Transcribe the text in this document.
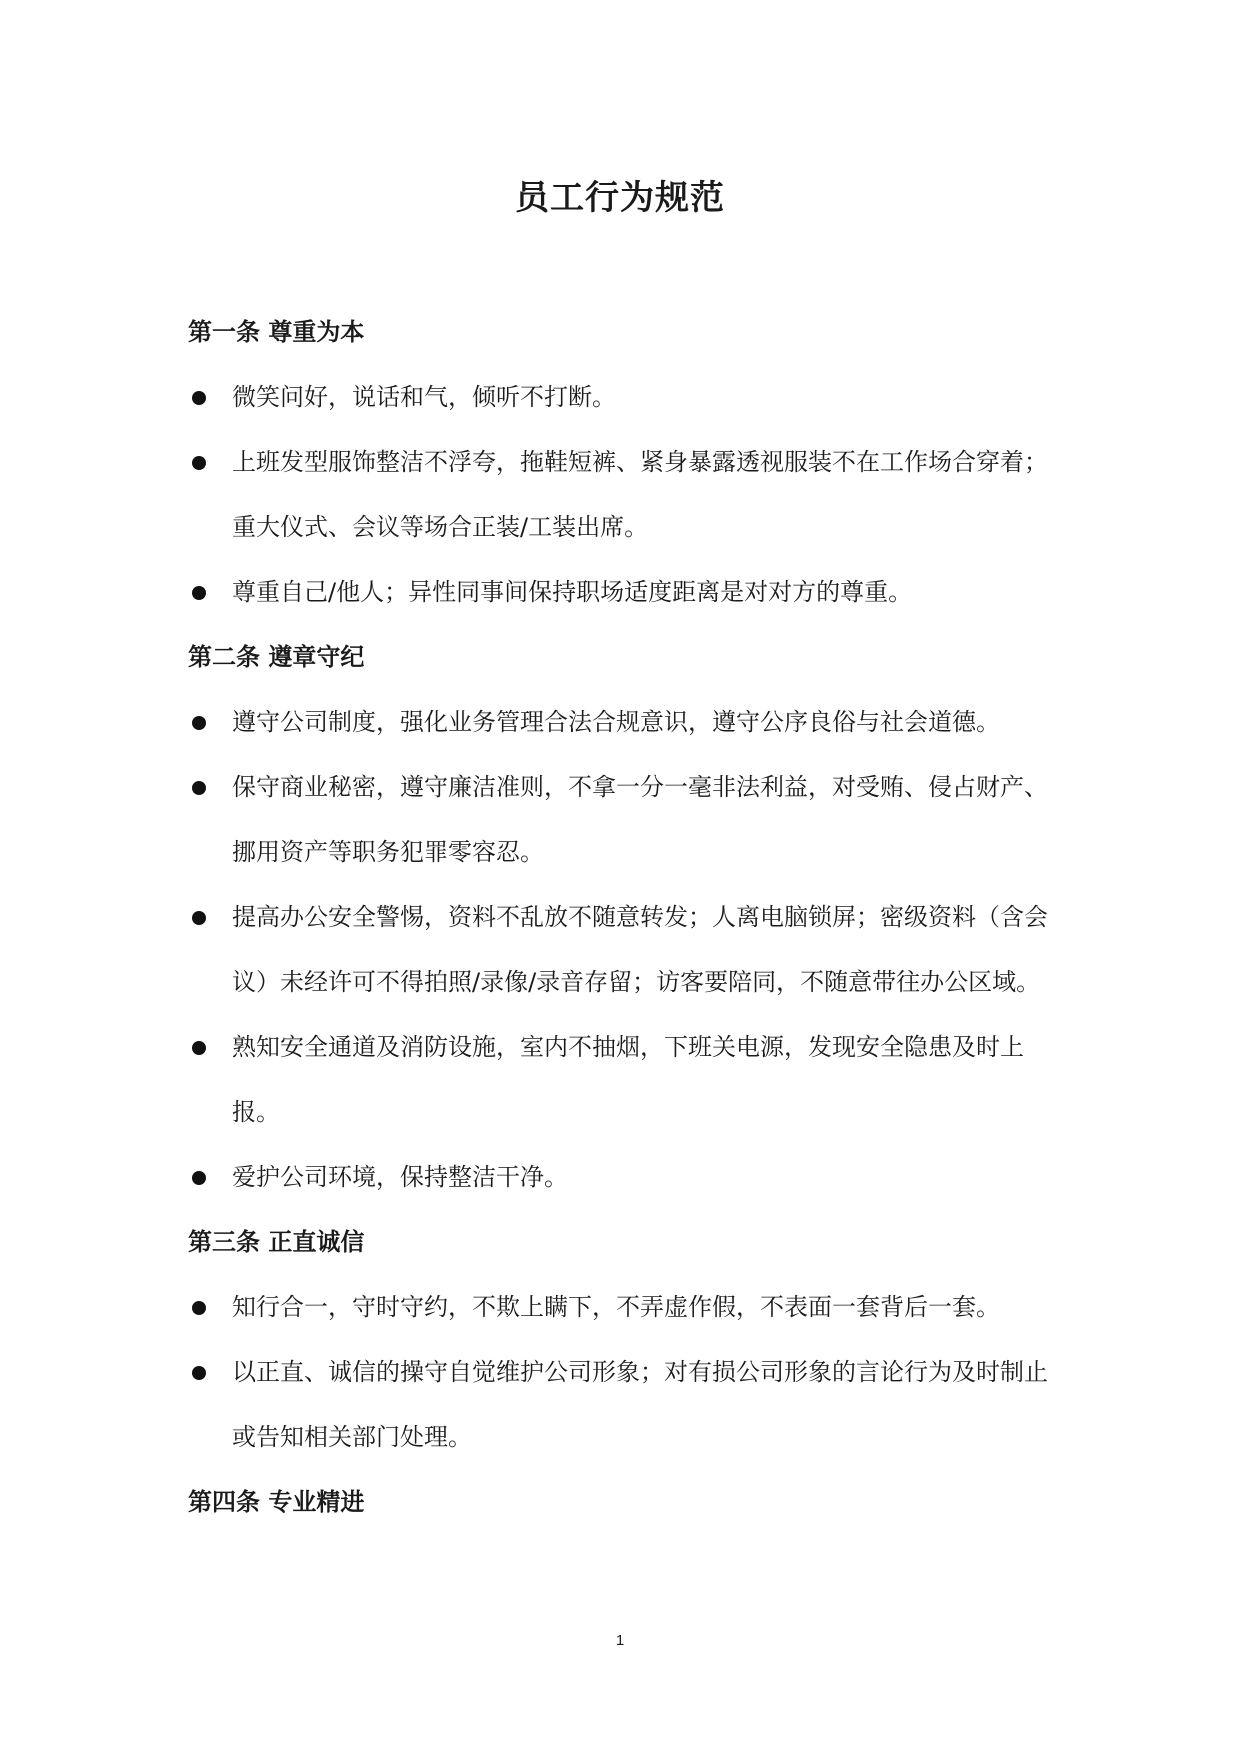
员工行为规范
第一条 尊重为本
微笑问好，说话和气，倾听不打断。
上班发型服饰整洁不浮夸，拖鞋短裤、紧身暴露透视服装不在工作场合穿着；重大仪式、会议等场合正装/工装出席。
尊重自己/他人；异性同事间保持职场适度距离是对对方的尊重。
第二条 遵章守纪
遵守公司制度，强化业务管理合法合规意识，遵守公序良俗与社会道德。
保守商业秘密，遵守廉洁准则，不拿一分一毫非法利益，对受贿、侵占财产、挪用资产等职务犯罪零容忍。
提高办公安全警惕，资料不乱放不随意转发；人离电脑锁屏；密级资料（含会议）未经许可不得拍照/录像/录音存留；访客要陪同，不随意带往办公区域。
熟知安全通道及消防设施，室内不抽烟，下班关电源，发现安全隐患及时上报。
爱护公司环境，保持整洁干净。
第三条 正直诚信
知行合一，守时守约，不欺上瞒下，不弄虚作假，不表面一套背后一套。
以正直、诚信的操守自觉维护公司形象；对有损公司形象的言论行为及时制止或告知相关部门处理。
第四条 专业精进
1
